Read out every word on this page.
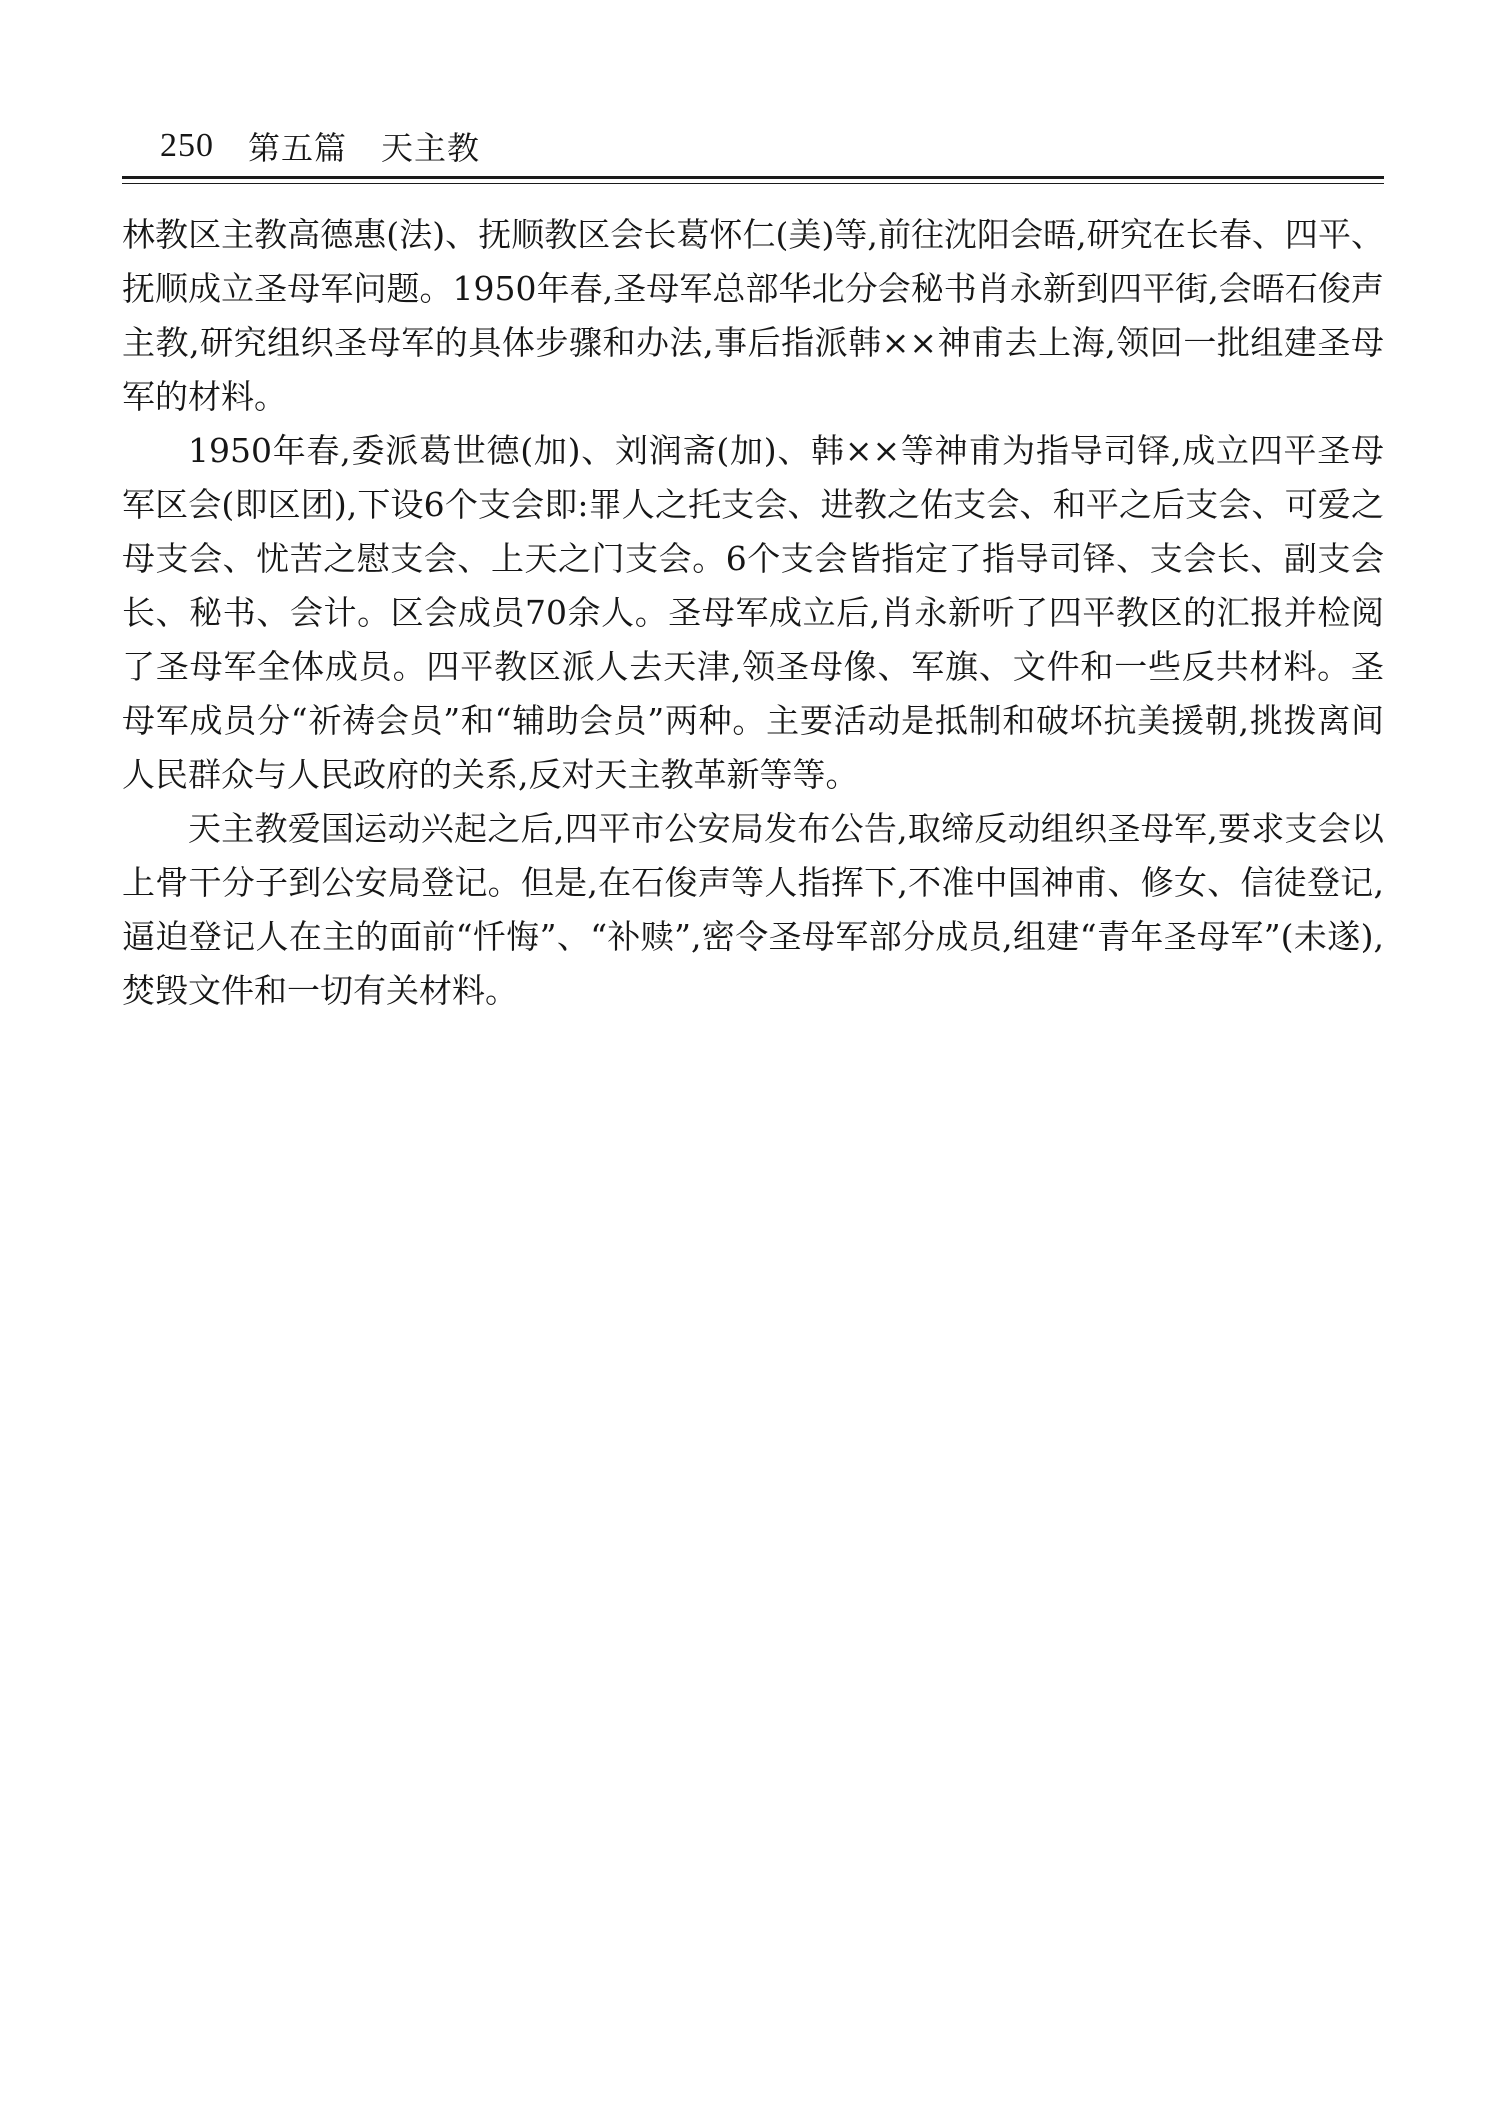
250 第五篇 天主教

林教区主教高德惠(法)、抚顺教区会长葛怀仁(美)等,前往沈阳会晤,研究在长春、四平、抚顺成立圣母军问题。1950年春,圣母军总部华北分会秘书肖永新到四平街,会晤石俊声主教,研究组织圣母军的具体步骤和办法,事后指派韩××神甫去上海,领回一批组建圣母军的材料。

1950年春,委派葛世德(加)、刘润斋(加)、韩××等神甫为指导司铎,成立四平圣母军区会(即区团),下设6个支会即:罪人之托支会、进教之佑支会、和平之后支会、可爱之母支会、忧苦之慰支会、上天之门支会。6个支会皆指定了指导司铎、支会长、副支会长、秘书、会计。区会成员70余人。圣母军成立后,肖永新听了四平教区的汇报并检阅了圣母军全体成员。四平教区派人去天津,领圣母像、军旗、文件和一些反共材料。圣母军成员分“祈祷会员”和“辅助会员”两种。主要活动是抵制和破坏抗美援朝,挑拨离间人民群众与人民政府的关系,反对天主教革新等等。

天主教爱国运动兴起之后,四平市公安局发布公告,取缔反动组织圣母军,要求支会以上骨干分子到公安局登记。但是,在石俊声等人指挥下,不准中国神甫、修女、信徒登记,逼迫登记人在主的面前“忏悔”、“补赎”,密令圣母军部分成员,组建“青年圣母军”(未遂),焚毁文件和一切有关材料。
